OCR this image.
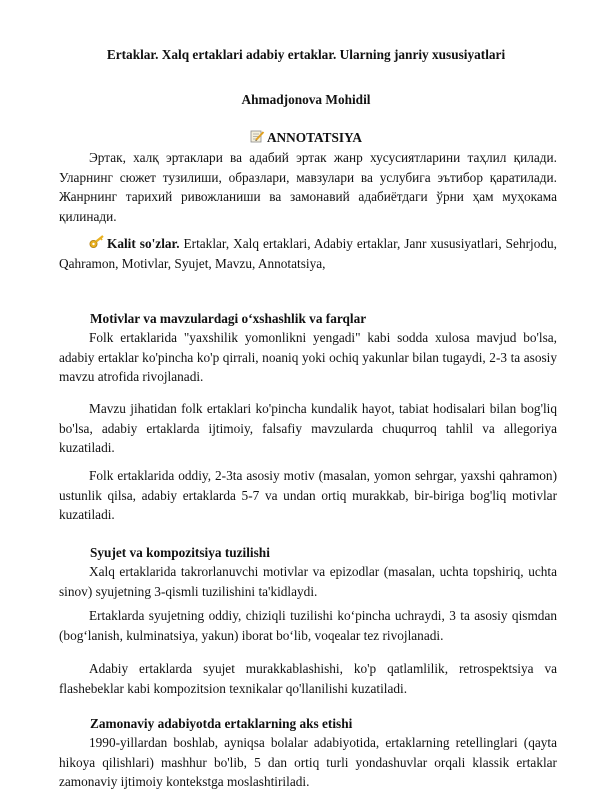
Ertaklar. Xalq ertaklari adabiy ertaklar. Ularning janriy xususiyatlari
Ahmadjonova Mohidil
ANNOTATSIYA

Эртак, халқ эртаклари ва адабий эртак жанр хусусиятларини таҳлил қилади. Уларнинг сюжет тузилиши, образлари, мавзулари ва услубига эътибор қаратилади. Жанрнинг тарихий ривожланиши ва замонавий адабиётдаги ўрни ҳам муҳокама қилинади.

Kalit so'zlar. Ertaklar, Xalq ertaklari, Adabiy ertaklar, Janr xususiyatlari, Sehrjodu, Qahramon, Motivlar, Syujet, Mavzu, Annotatsiya,

Motivlar va mavzulardagi o‘xshashlik va farqlar

Folk ertaklarida "yaxshilik yomonlikni yengadi" kabi sodda xulosa mavjud bo'lsa, adabiy ertaklar ko'pincha ko'p qirrali, noaniq yoki ochiq yakunlar bilan tugaydi, 2-3 ta asosiy mavzu atrofida rivojlanadi.

Mavzu jihatidan folk ertaklari ko'pincha kundalik hayot, tabiat hodisalari bilan bog'liq bo'lsa, adabiy ertaklarda ijtimoiy, falsafiy mavzularda chuqurroq tahlil va allegoriya kuzatiladi.

Folk ertaklarida oddiy, 2-3ta asosiy motiv (masalan, yomon sehrgar, yaxshi qahramon) ustunlik qilsa, adabiy ertaklarda 5-7 va undan ortiq murakkab, bir-biriga bog'liq motivlar kuzatiladi.

Syujet va kompozitsiya tuzilishi

Xalq ertaklarida takrorlanuvchi motivlar va epizodlar (masalan, uchta topshiriq, uchta sinov) syujetning 3-qismli tuzilishini ta'kidlaydi.

Ertaklarda syujetning oddiy, chiziqli tuzilishi ko‘pincha uchraydi, 3 ta asosiy qismdan (bog‘lanish, kulminatsiya, yakun) iborat bo‘lib, voqealar tez rivojlanadi.

Adabiy ertaklarda syujet murakkablashishi, ko'p qatlamlilik, retrospektsiya va flashebeklar kabi kompozitsion texnikalar qo'llanilishi kuzatiladi.

Zamonaviy adabiyotda ertaklarning aks etishi

1990-yillardan boshlab, ayniqsa bolalar adabiyotida, ertaklarning retellinglari (qayta hikoya qilishlari) mashhur bo'lib, 5 dan ortiq turli yondashuvlar orqali klassik ertaklar zamonaviy ijtimoiy kontekstga moslashtiriladi.
